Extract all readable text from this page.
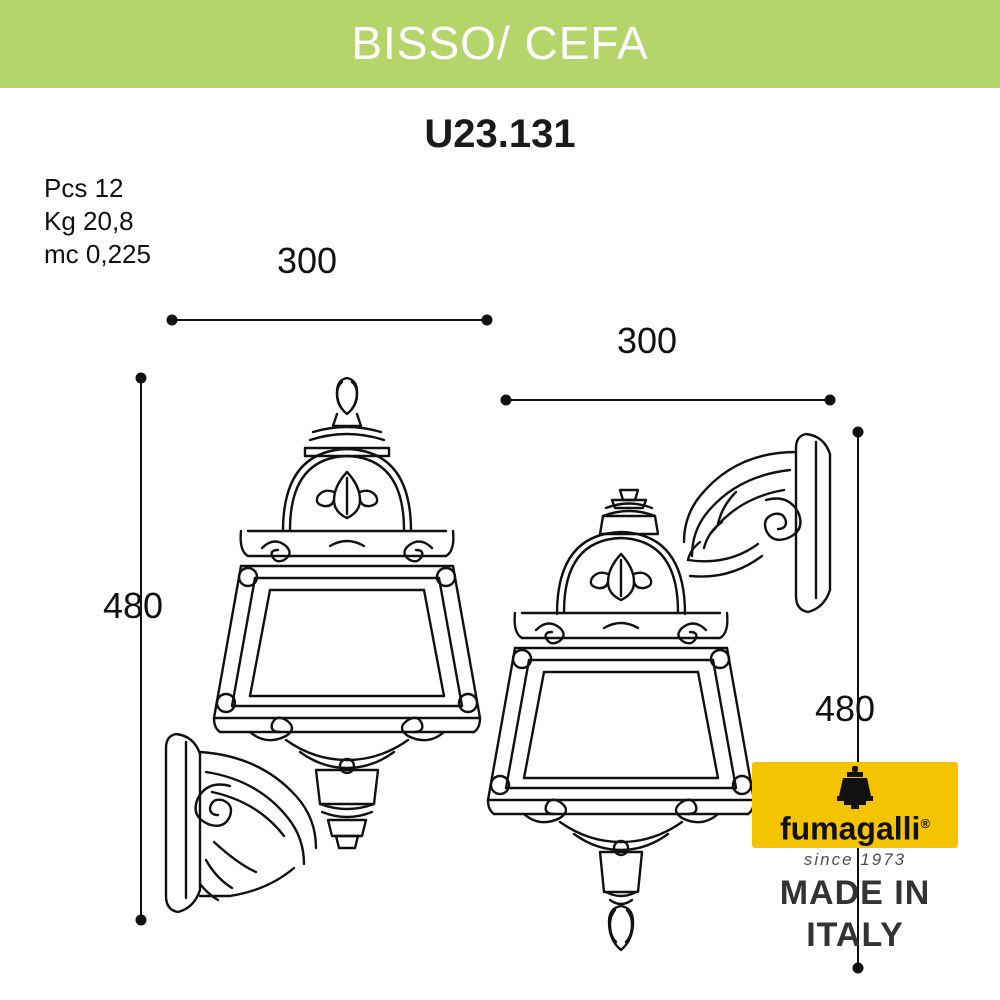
BISSO/ CEFA
U23.131
Pcs 12
Kg 20,8
mc 0,225	300
480
300
480
fumagalli®
since 1973
MADE IN
ITALY
